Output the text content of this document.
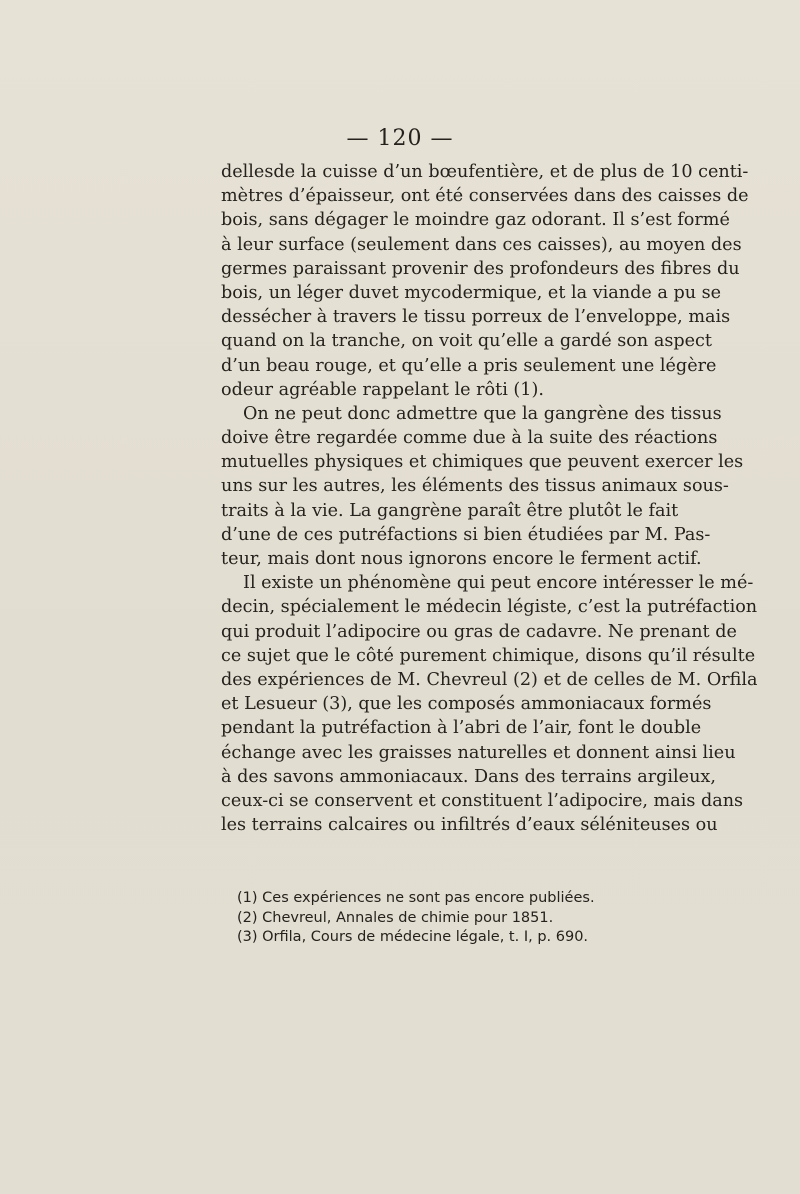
— 120 —
dellesde la cuisse d’un bœufentière, et de plus de 10 centi-
mètres d’épaisseur, ont été conservées dans des caisses de
bois, sans dégager le moindre gaz odorant. Il s’est formé
à leur surface (seulement dans ces caisses), au moyen des
germes paraissant provenir des profondeurs des fibres du
bois, un léger duvet mycodermique, et la viande a pu se
dessécher à travers le tissu porreux de l’enveloppe, mais
quand on la tranche, on voit qu’elle a gardé son aspect
d’un beau rouge, et qu’elle a pris seulement une légère
odeur agréable rappelant le rôti (1).
On ne peut donc admettre que la gangrène des tissus
doive être regardée comme due à la suite des réactions
mutuelles physiques et chimiques que peuvent exercer les
uns sur les autres, les éléments des tissus animaux sous-
traits à la vie. La gangrène paraît être plutôt le fait
d’une de ces putréfactions si bien étudiées par M. Pas-
teur, mais dont nous ignorons encore le ferment actif.
Il existe un phénomène qui peut encore intéresser le mé-
decin, spécialement le médecin légiste, c’est la putréfaction
qui produit l’adipocire ou gras de cadavre. Ne prenant de
ce sujet que le côté purement chimique, disons qu’il résulte
des expériences de M. Chevreul (2) et de celles de M. Orfila
et Lesueur (3), que les composés ammoniacaux formés
pendant la putréfaction à l’abri de l’air, font le double
échange avec les graisses naturelles et donnent ainsi lieu
à des savons ammoniacaux. Dans des terrains argileux,
ceux-ci se conservent et constituent l’adipocire, mais dans
les terrains calcaires ou infiltrés d’eaux séléniteuses ou
(1) Ces expériences ne sont pas encore publiées.
(2) Chevreul, Annales de chimie pour 1851.
(3) Orfila, Cours de médecine légale, t. I, p. 690.
